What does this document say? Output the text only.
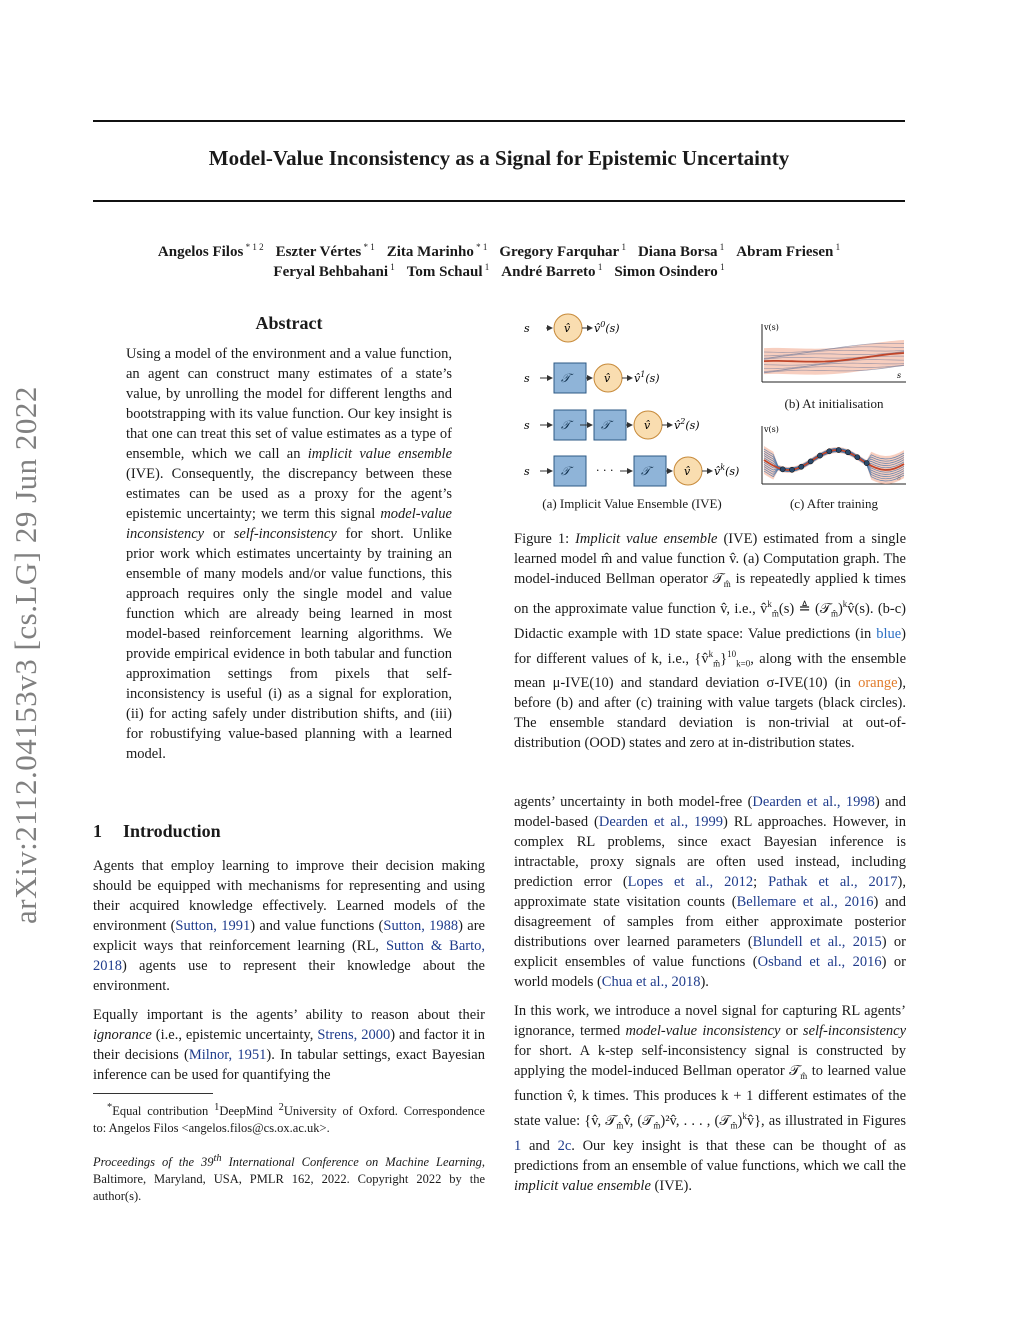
Model-Value Inconsistency as a Signal for Epistemic Uncertainty
Angelos Filos $^{* 1 2}$ Eszter Vértes $^{* 1}$ Zita Marinho $^{* 1}$ Gregory Farquhar $^1$ Diana Borsa $^1$ Abram Friesen $^1$
Feryal Behbahani $^1$ Tom Schaul $^1$ André Barreto $^1$ Simon Osindero $^1$
arXiv:2112.04153v3 [cs.LG] 29 Jun 2022
Abstract
Using a model of the environment and a value function, an agent can construct many estimates of a state’s value, by unrolling the model for different lengths and bootstrapping with its value function. Our key insight is that one can treat this set of value estimates as a type of ensemble, which we call an implicit value ensemble (IVE). Consequently, the discrepancy between these estimates can be used as a proxy for the agent’s epistemic uncertainty; we term this signal model-value inconsistency or self-inconsistency for short. Unlike prior work which estimates uncertainty by training an ensemble of many models and/or value functions, this approach requires only the single model and value function which are already being learned in most model-based reinforcement learning algorithms. We provide empirical evidence in both tabular and function approximation settings from pixels that self-inconsistency is useful (i) as a signal for exploration, (ii) for acting safely under distribution shifts, and (iii) for robustifying value-based planning with a learned model.
1 Introduction
Agents that employ learning to improve their decision making should be equipped with mechanisms for representing and using their acquired knowledge effectively. Learned models of the environment (Sutton, 1991) and value functions (Sutton, 1988) are explicit ways that reinforcement learning (RL, Sutton & Barto, 2018) agents use to represent their knowledge about the environment.
Equally important is the agents’ ability to reason about their ignorance (i.e., epistemic uncertainty, Strens, 2000) and factor it in their decisions (Milnor, 1951). In tabular settings, exact Bayesian inference can be used for quantifying the
*Equal contribution $^1$DeepMind $^2$University of Oxford. Correspondence to: Angelos Filos <angelos.filos@cs.ox.ac.uk>.
Proceedings of the 39th International Conference on Machine Learning, Baltimore, Maryland, USA, PMLR 162, 2022. Copyright 2022 by the author(s).
s	v̂ v̂$^0$(s)
s	𝒯	v̂ v̂$^1$(s)
s	𝒯	𝒯	v̂ v̂$^2$(s)
s	𝒯	· · · 𝒯	v̂ v̂$^k$(s)
(a) Implicit Value Ensemble (IVE)
v(s)
s
(b) At initialisation
v(s)
(c) After training
Figure 1: Implicit value ensemble (IVE) estimated from a single learned model m̂ and value function v̂. (a) Computation graph. The model-induced Bellman operator 𝒯$_{m̂}$ is repeatedly applied k times on the approximate value function v̂, i.e., v̂$^k_{m̂}$(s) ≜ (𝒯$_{m̂}$)$^k$v̂(s). (b-c) Didactic example with 1D state space: Value predictions (in blue) for different values of k, i.e., {v̂$^k_{m̂}$}$^{10}_{k=0}$, along with the ensemble mean μ-IVE(10) and standard deviation σ-IVE(10) (in orange), before (b) and after (c) training with value targets (black circles). The ensemble standard deviation is non-trivial at out-of-distribution (OOD) states and zero at in-distribution states.
agents’ uncertainty in both model-free (Dearden et al., 1998) and model-based (Dearden et al., 1999) RL approaches. However, in complex RL problems, since exact Bayesian inference is intractable, proxy signals are often used instead, including prediction error (Lopes et al., 2012; Pathak et al., 2017), approximate state visitation counts (Bellemare et al., 2016) and disagreement of samples from either approximate posterior distributions over learned parameters (Blundell et al., 2015) or explicit ensembles of value functions (Osband et al., 2016) or world models (Chua et al., 2018).
In this work, we introduce a novel signal for capturing RL agents’ ignorance, termed model-value inconsistency or self-inconsistency for short. A k-step self-inconsistency signal is constructed by applying the model-induced Bellman operator 𝒯$_{m̂}$ to learned value function v̂, k times. This produces k + 1 different estimates of the state value: {v̂, 𝒯$_{m̂}$v̂, (𝒯$_{m̂}$)²v̂, . . . , (𝒯$_{m̂}$)$^k$v̂}, as illustrated in Figures 1 and 2c. Our key insight is that these can be thought of as predictions from an ensemble of value functions, which we call the implicit value ensemble (IVE).
